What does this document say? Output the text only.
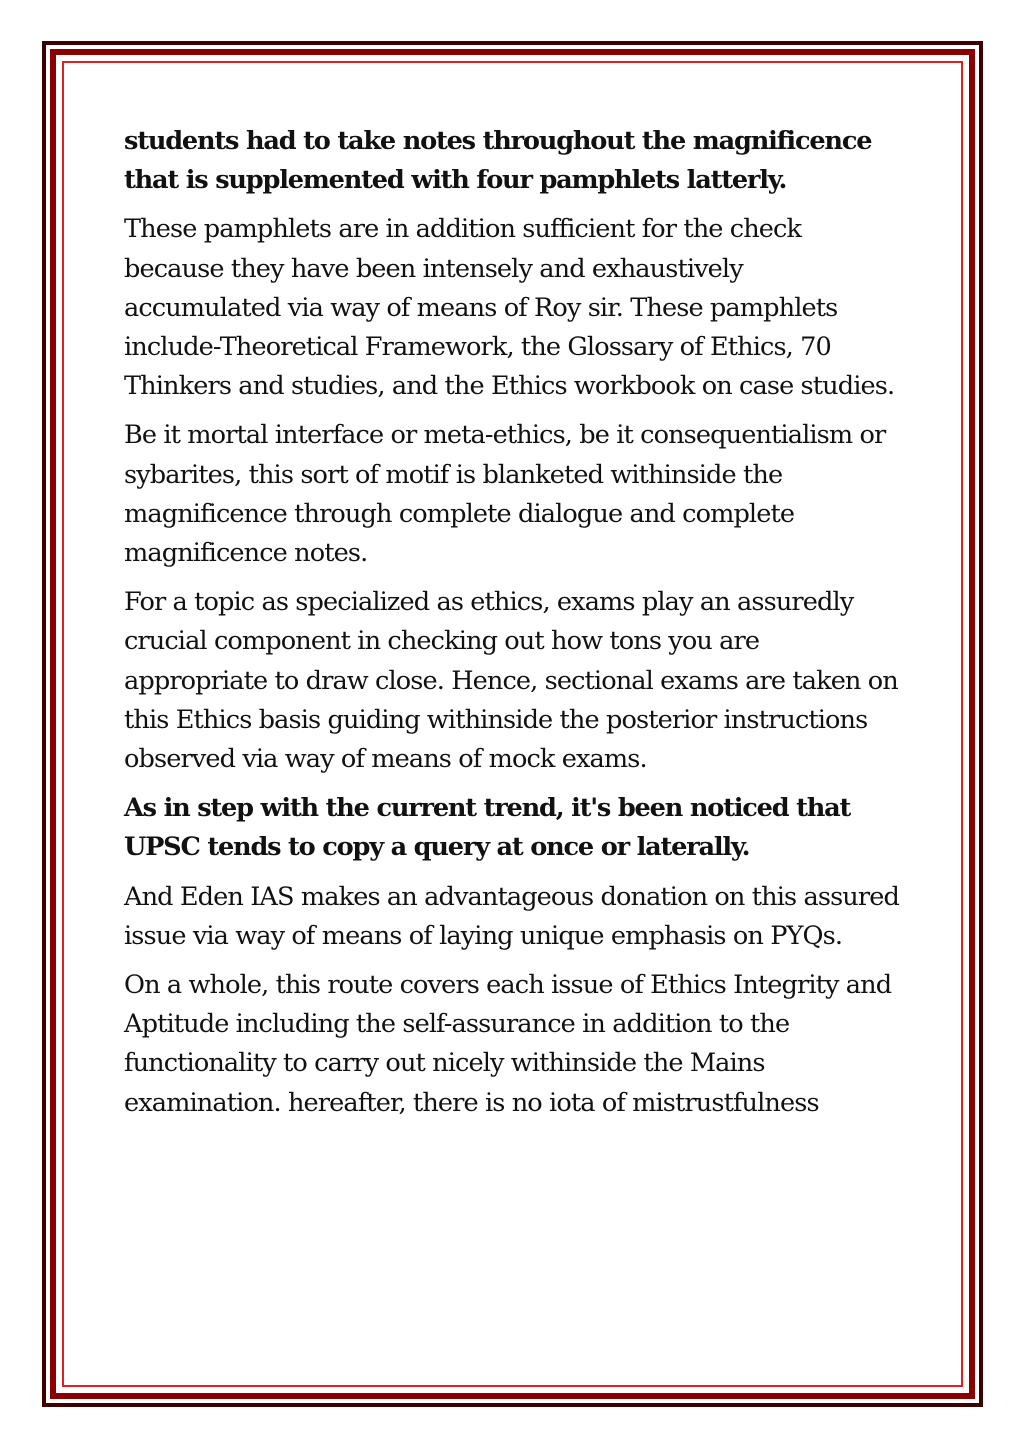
students had to take notes throughout the magnificence that is supplemented with four pamphlets latterly.

These pamphlets are in addition sufficient for the check because they have been intensely and exhaustively accumulated via way of means of Roy sir. These pamphlets include-Theoretical Framework, the Glossary of Ethics, 70 Thinkers and studies, and the Ethics workbook on case studies.

Be it mortal interface or meta-ethics, be it consequentialism or sybarites, this sort of motif is blanketed withinside the magnificence through complete dialogue and complete magnificence notes.

For a topic as specialized as ethics, exams play an assuredly crucial component in checking out how tons you are appropriate to draw close. Hence, sectional exams are taken on this Ethics basis guiding withinside the posterior instructions observed via way of means of mock exams.

As in step with the current trend, it's been noticed that UPSC tends to copy a query at once or laterally.

And Eden IAS makes an advantageous donation on this assured issue via way of means of laying unique emphasis on PYQs.

On a whole, this route covers each issue of Ethics Integrity and Aptitude including the self-assurance in addition to the functionality to carry out nicely withinside the Mains examination. hereafter, there is no iota of mistrustfulness
